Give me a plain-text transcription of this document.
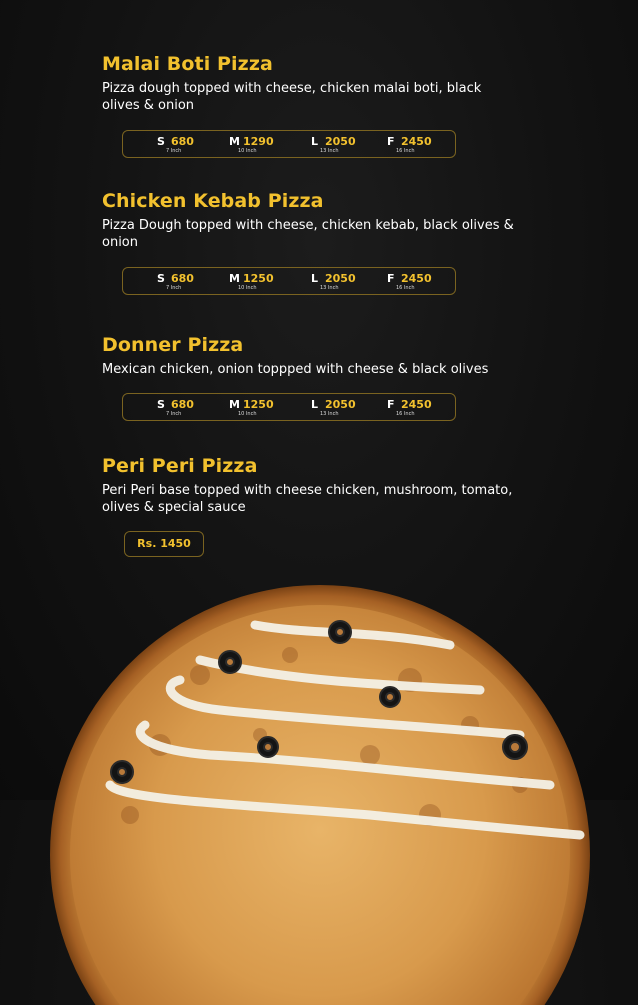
Malai Boti Pizza
Pizza dough topped with cheese, chicken malai boti, black olives & onion
S 680
7 Inch
M 1290
10 Inch
L 2050
13 Inch
F 2450
16 Inch
Chicken Kebab Pizza
Pizza Dough topped with cheese, chicken kebab, black olives & onion
S 680
7 Inch
M 1250
10 Inch
L 2050
13 Inch
F 2450
16 Inch
Donner Pizza
Mexican chicken, onion toppped with cheese & black olives
S 680
7 Inch
M 1250
10 Inch
L 2050
13 Inch
F 2450
16 Inch
Peri Peri Pizza
Peri Peri base topped with cheese chicken, mushroom, tomato, olives & special sauce
Rs. 1450
